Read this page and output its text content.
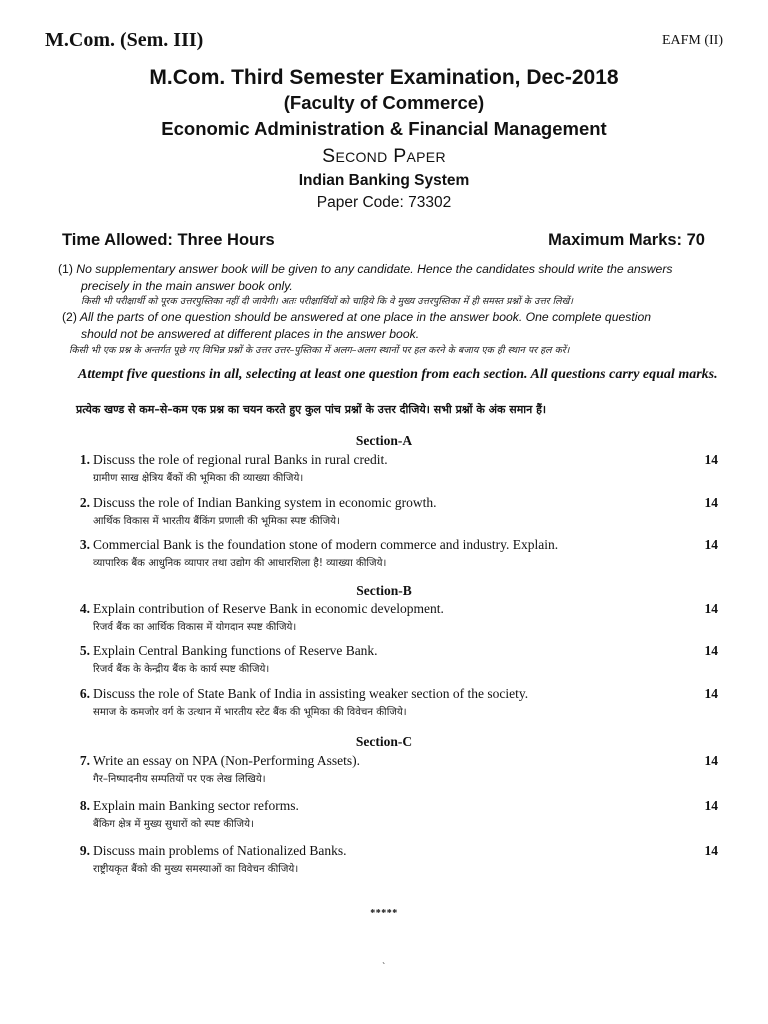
M.Com. (Sem. III)	EAFM (II)
M.Com. Third Semester Examination, Dec-2018
(Faculty of Commerce)
Economic Administration & Financial Management
Second Paper
Indian Banking System
Paper Code: 73302
Time Allowed: Three Hours	Maximum Marks: 70
(1) No supplementary answer book will be given to any candidate. Hence the candidates should write the answers
precisely in the main answer book only.
किसी भी परीक्षार्थी को पूरक उत्तरपुस्तिका नहीं दी जायेगी। अतः परीक्षार्थियों को चाहिये कि वे मुख्य उत्तरपुस्तिका में ही समस्त प्रश्नों के उत्तर लिखें।
(2) All the parts of one question should be answered at one place in the answer book. One complete question
should not be answered at different places in the answer book.
किसी भी एक प्रश्न के अन्तर्गत पूछे गए विभिन्न प्रश्नों के उत्तर उत्तर–पुस्तिका में अलग–अलग स्थानों पर हल करने के बजाय एक ही स्थान पर हल करें।
Attempt five questions in all, selecting at least one question from each section. All questions carry equal marks.
प्रत्येक खण्ड से कम–से–कम एक प्रश्न का चयन करते हुए कुल पांच प्रश्नों के उत्तर दीजिये। सभी प्रश्नों के अंक समान हैं।
Section-A
1. Discuss the role of regional rural Banks in rural credit.
ग्रामीण साख क्षेत्रिय बैंकों की भूमिका की व्याख्या कीजिये।
14
2. Discuss the role of Indian Banking system in economic growth.
आर्थिक विकास में भारतीय बैंकिंग प्रणाली की भूमिका स्पष्ट कीजिये।
14
3. Commercial Bank is the foundation stone of modern commerce and industry. Explain.
व्यापारिक बैंक आधुनिक व्यापार तथा उद्योग की आधारशिला है! व्याख्या कीजिये।
14
Section-B
4. Explain contribution of Reserve Bank in economic development.
रिजर्व बैंक का आर्थिक विकास में योगदान स्पष्ट कीजिये।
14
5. Explain Central Banking functions of Reserve Bank.
रिजर्व बैंक के केन्द्रीय बैंक के कार्य स्पष्ट कीजिये।
14
6. Discuss the role of State Bank of India in assisting weaker section of the society.
समाज के कमजोर वर्ग के उत्थान में भारतीय स्टेट बैंक की भूमिका की विवेचन कीजिये।
14
Section-C
7. Write an essay on NPA (Non-Performing Assets).
गैर–निष्पादनीय सम्पतियों पर एक लेख लिखिये।
14
8. Explain main Banking sector reforms.
बैंकिग क्षेत्र में मुख्य सुधारों को स्पष्ट कीजिये।
14
9. Discuss main problems of Nationalized Banks.
राष्ट्रीयकृत बैंको की मुख्य समस्याओं का विवेचन कीजिये।
14
*****
`
